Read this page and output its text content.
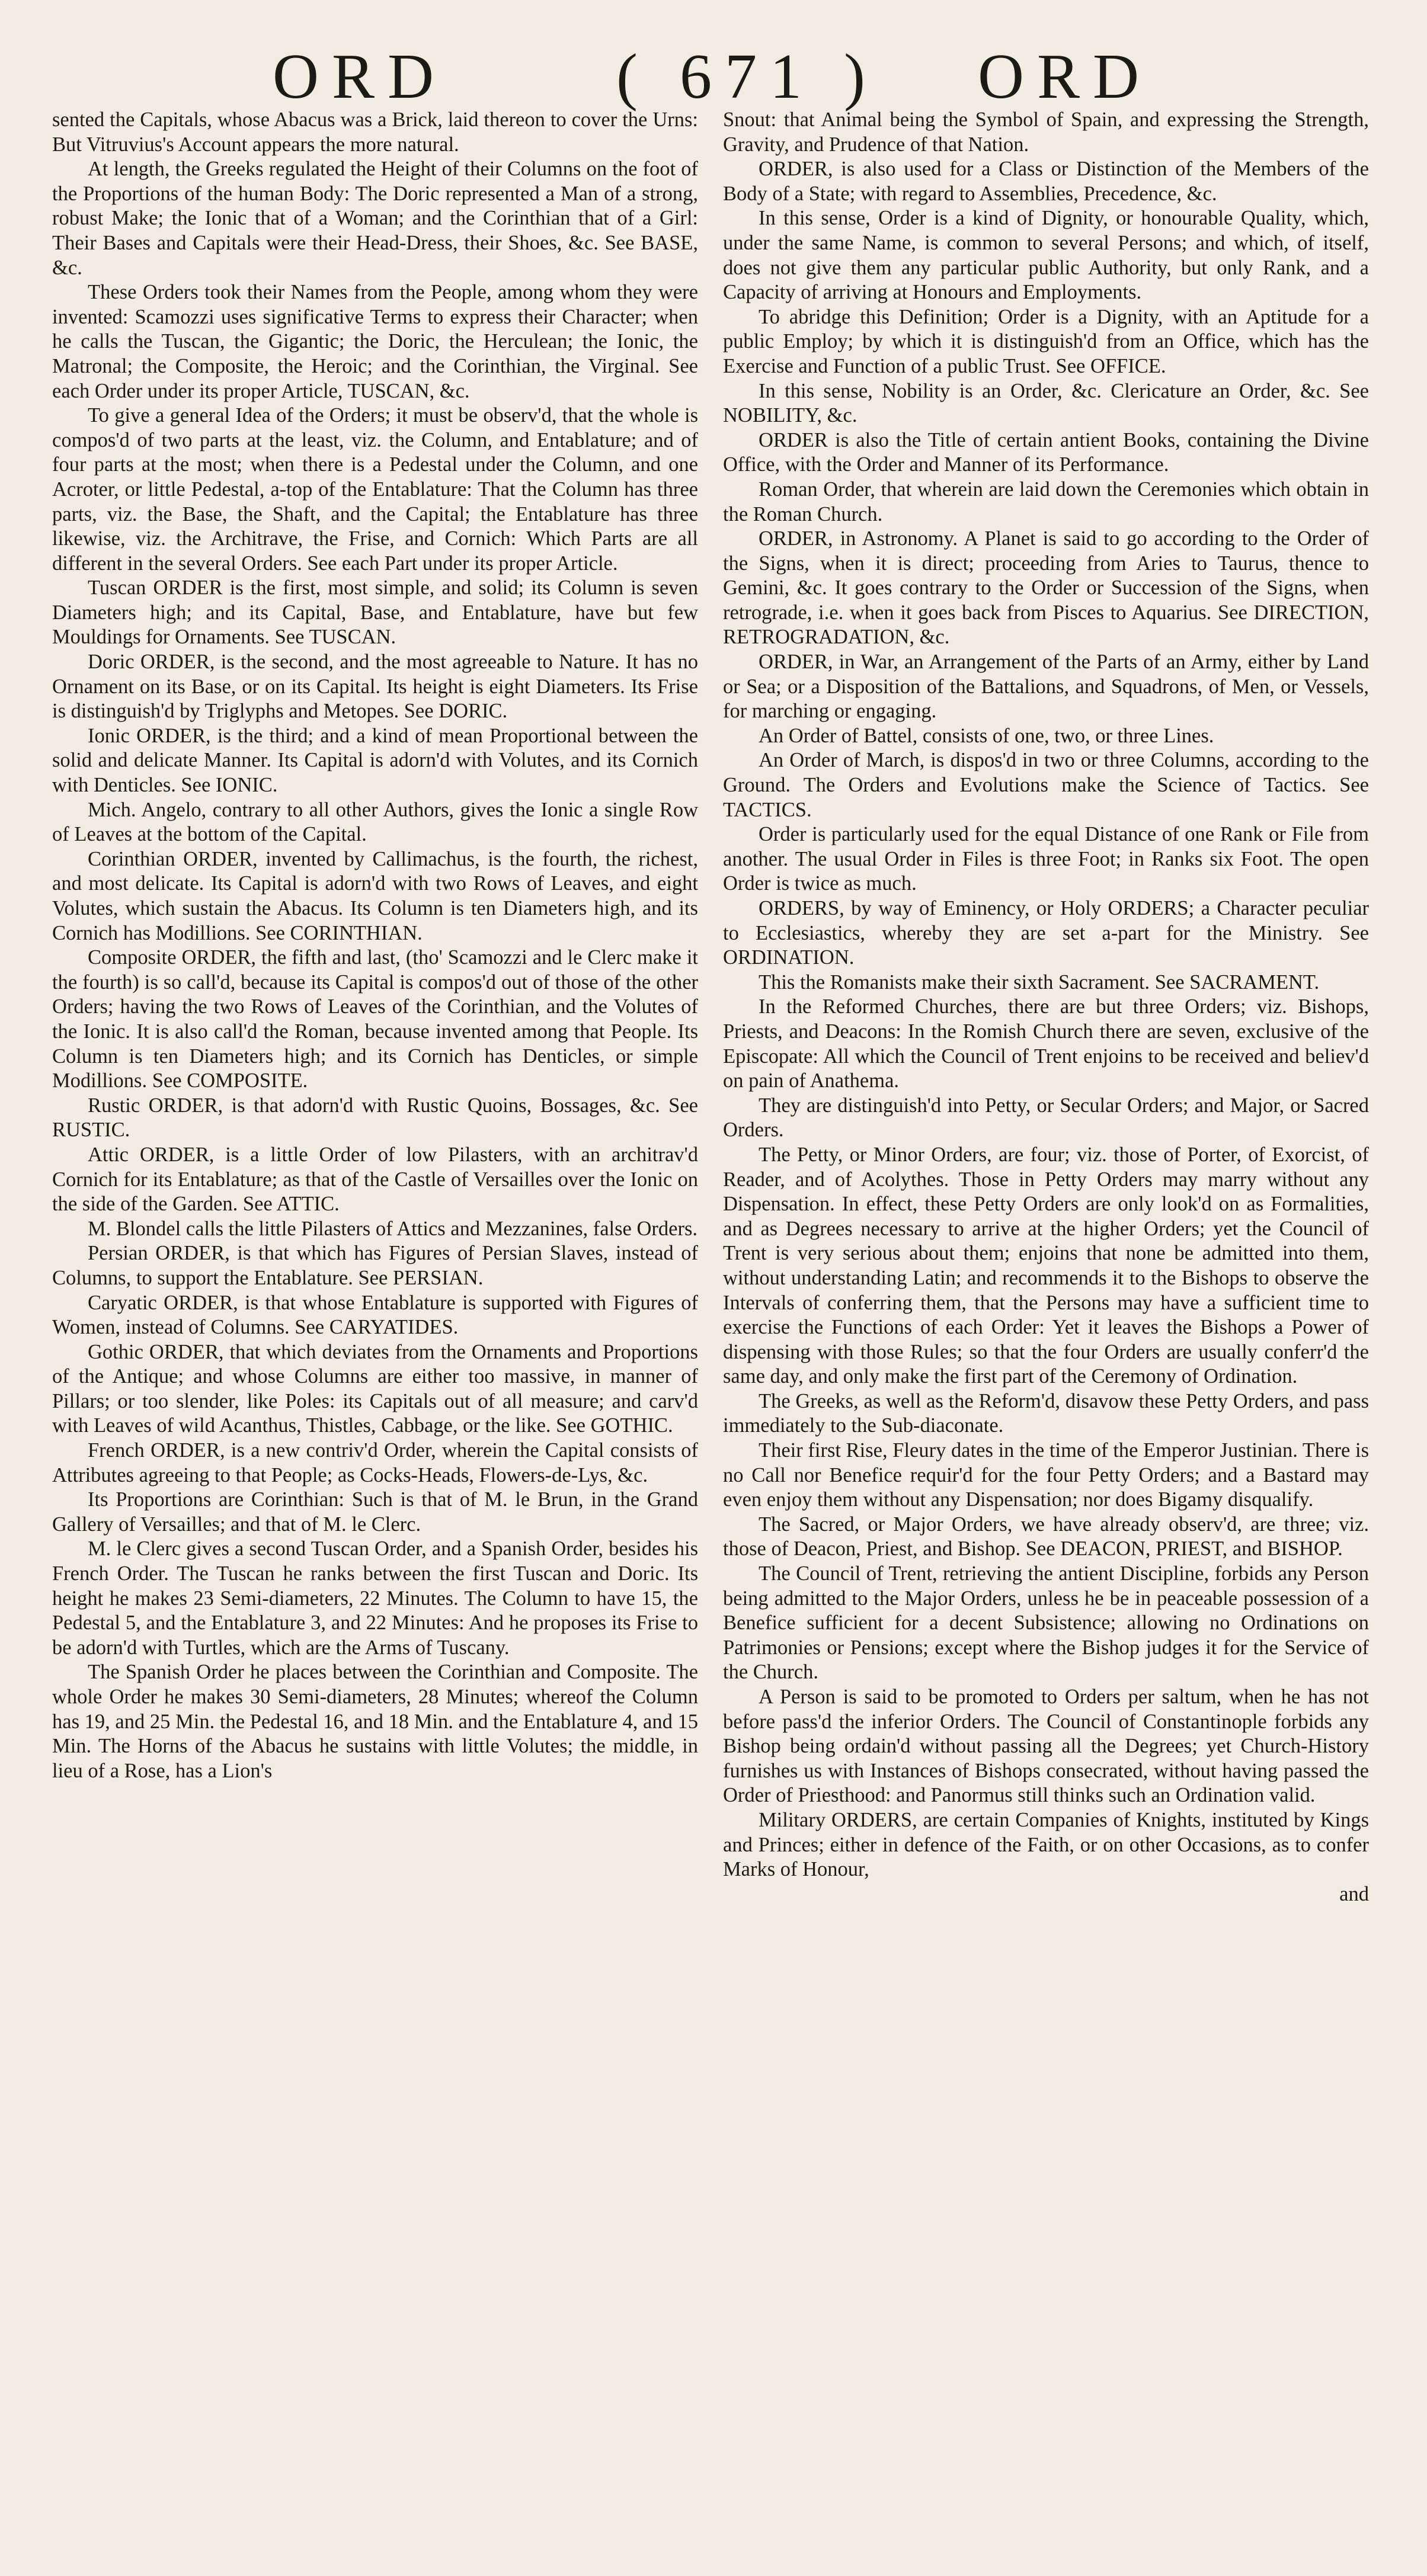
ORD	( 671 ) ORD

sented the Capitals, whose Abacus was a Brick, laid thereon to cover the Urns: But Vitruvius's Account appears the more natural.

At length, the Greeks regulated the Height of their Columns on the foot of the Proportions of the human Body: The Doric represented a Man of a strong, robust Make; the Ionic that of a Woman; and the Corinthian that of a Girl: Their Bases and Capitals were their Head-Dress, their Shoes, &c. See BASE, &c.

These Orders took their Names from the People, among whom they were invented: Scamozzi uses significative Terms to express their Character; when he calls the Tuscan, the Gigantic; the Doric, the Herculean; the Ionic, the Matronal; the Composite, the Heroic; and the Corinthian, the Virginal. See each Order under its proper Article, TUSCAN, &c.

To give a general Idea of the Orders; it must be observ'd, that the whole is compos'd of two parts at the least, viz. the Column, and Entablature; and of four parts at the most; when there is a Pedestal under the Column, and one Acroter, or little Pedestal, a-top of the Entablature: That the Column has three parts, viz. the Base, the Shaft, and the Capital; the Entablature has three likewise, viz. the Architrave, the Frise, and Cornich: Which Parts are all different in the several Orders. See each Part under its proper Article.

Tuscan ORDER is the first, most simple, and solid; its Column is seven Diameters high; and its Capital, Base, and Entablature, have but few Mouldings for Ornaments. See TUSCAN.

Doric ORDER, is the second, and the most agreeable to Nature. It has no Ornament on its Base, or on its Capital. Its height is eight Diameters. Its Frise is distinguish'd by Triglyphs and Metopes. See DORIC.

Ionic ORDER, is the third; and a kind of mean Proportional between the solid and delicate Manner. Its Capital is adorn'd with Volutes, and its Cornich with Denticles. See IONIC.

Mich. Angelo, contrary to all other Authors, gives the Ionic a single Row of Leaves at the bottom of the Capital.

Corinthian ORDER, invented by Callimachus, is the fourth, the richest, and most delicate. Its Capital is adorn'd with two Rows of Leaves, and eight Volutes, which sustain the Abacus. Its Column is ten Diameters high, and its Cornich has Modillions. See CORINTHIAN.

Composite ORDER, the fifth and last, (tho' Scamozzi and le Clerc make it the fourth) is so call'd, because its Capital is compos'd out of those of the other Orders; having the two Rows of Leaves of the Corinthian, and the Volutes of the Ionic. It is also call'd the Roman, because invented among that People. Its Column is ten Diameters high; and its Cornich has Denticles, or simple Modillions. See COMPOSITE.

Rustic ORDER, is that adorn'd with Rustic Quoins, Bossages, &c. See RUSTIC.

Attic ORDER, is a little Order of low Pilasters, with an architrav'd Cornich for its Entablature; as that of the Castle of Versailles over the Ionic on the side of the Garden. See ATTIC.

M. Blondel calls the little Pilasters of Attics and Mezzanines, false Orders.

Persian ORDER, is that which has Figures of Persian Slaves, instead of Columns, to support the Entablature. See PERSIAN.

Caryatic ORDER, is that whose Entablature is supported with Figures of Women, instead of Columns. See CARYATIDES.

Gothic ORDER, that which deviates from the Ornaments and Proportions of the Antique; and whose Columns are either too massive, in manner of Pillars; or too slender, like Poles: its Capitals out of all measure; and carv'd with Leaves of wild Acanthus, Thistles, Cabbage, or the like. See GOTHIC.

French ORDER, is a new contriv'd Order, wherein the Capital consists of Attributes agreeing to that People; as Cocks-Heads, Flowers-de-Lys, &c.

Its Proportions are Corinthian: Such is that of M. le Brun, in the Grand Gallery of Versailles; and that of M. le Clerc.

M. le Clerc gives a second Tuscan Order, and a Spanish Order, besides his French Order. The Tuscan he ranks between the first Tuscan and Doric. Its height he makes 23 Semi-diameters, 22 Minutes. The Column to have 15, the Pedestal 5, and the Entablature 3, and 22 Minutes: And he proposes its Frise to be adorn'd with Turtles, which are the Arms of Tuscany.

The Spanish Order he places between the Corinthian and Composite. The whole Order he makes 30 Semi-diameters, 28 Minutes; whereof the Column has 19, and 25 Min. the Pedestal 16, and 18 Min. and the Entablature 4, and 15 Min. The Horns of the Abacus he sustains with little Volutes; the middle, in lieu of a Rose, has a Lion's

Snout: that Animal being the Symbol of Spain, and expressing the Strength, Gravity, and Prudence of that Nation.

ORDER, is also used for a Class or Distinction of the Members of the Body of a State; with regard to Assemblies, Precedence, &c.

In this sense, Order is a kind of Dignity, or honourable Quality, which, under the same Name, is common to several Persons; and which, of itself, does not give them any particular public Authority, but only Rank, and a Capacity of arriving at Honours and Employments.

To abridge this Definition; Order is a Dignity, with an Aptitude for a public Employ; by which it is distinguish'd from an Office, which has the Exercise and Function of a public Trust. See OFFICE.

In this sense, Nobility is an Order, &c. Clericature an Order, &c. See NOBILITY, &c.

ORDER is also the Title of certain antient Books, containing the Divine Office, with the Order and Manner of its Performance.

Roman Order, that wherein are laid down the Ceremonies which obtain in the Roman Church.

ORDER, in Astronomy. A Planet is said to go according to the Order of the Signs, when it is direct; proceeding from Aries to Taurus, thence to Gemini, &c. It goes contrary to the Order or Succession of the Signs, when retrograde, i.e. when it goes back from Pisces to Aquarius. See DIRECTION, RETROGRADATION, &c.

ORDER, in War, an Arrangement of the Parts of an Army, either by Land or Sea; or a Disposition of the Battalions, and Squadrons, of Men, or Vessels, for marching or engaging.

An Order of Battel, consists of one, two, or three Lines.

An Order of March, is dispos'd in two or three Columns, according to the Ground. The Orders and Evolutions make the Science of Tactics. See TACTICS.

Order is particularly used for the equal Distance of one Rank or File from another. The usual Order in Files is three Foot; in Ranks six Foot. The open Order is twice as much.

ORDERS, by way of Eminency, or Holy ORDERS; a Character peculiar to Ecclesiastics, whereby they are set a-part for the Ministry. See ORDINATION.

This the Romanists make their sixth Sacrament. See SACRAMENT.

In the Reformed Churches, there are but three Orders; viz. Bishops, Priests, and Deacons: In the Romish Church there are seven, exclusive of the Episcopate: All which the Council of Trent enjoins to be received and believ'd on pain of Anathema.

They are distinguish'd into Petty, or Secular Orders; and Major, or Sacred Orders.

The Petty, or Minor Orders, are four; viz. those of Porter, of Exorcist, of Reader, and of Acolythes. Those in Petty Orders may marry without any Dispensation. In effect, these Petty Orders are only look'd on as Formalities, and as Degrees necessary to arrive at the higher Orders; yet the Council of Trent is very serious about them; enjoins that none be admitted into them, without understanding Latin; and recommends it to the Bishops to observe the Intervals of conferring them, that the Persons may have a sufficient time to exercise the Functions of each Order: Yet it leaves the Bishops a Power of dispensing with those Rules; so that the four Orders are usually conferr'd the same day, and only make the first part of the Ceremony of Ordination.

The Greeks, as well as the Reform'd, disavow these Petty Orders, and pass immediately to the Sub-diaconate.

Their first Rise, Fleury dates in the time of the Emperor Justinian. There is no Call nor Benefice requir'd for the four Petty Orders; and a Bastard may even enjoy them without any Dispensation; nor does Bigamy disqualify.

The Sacred, or Major Orders, we have already observ'd, are three; viz. those of Deacon, Priest, and Bishop. See DEACON, PRIEST, and BISHOP.

The Council of Trent, retrieving the antient Discipline, forbids any Person being admitted to the Major Orders, unless he be in peaceable possession of a Benefice sufficient for a decent Subsistence; allowing no Ordinations on Patrimonies or Pensions; except where the Bishop judges it for the Service of the Church.

A Person is said to be promoted to Orders per saltum, when he has not before pass'd the inferior Orders. The Council of Constantinople forbids any Bishop being ordain'd without passing all the Degrees; yet Church-History furnishes us with Instances of Bishops consecrated, without having passed the Order of Priesthood: and Panormus still thinks such an Ordination valid.

Military ORDERS, are certain Companies of Knights, instituted by Kings and Princes; either in defence of the Faith, or on other Occasions, as to confer Marks of Honour,

and
